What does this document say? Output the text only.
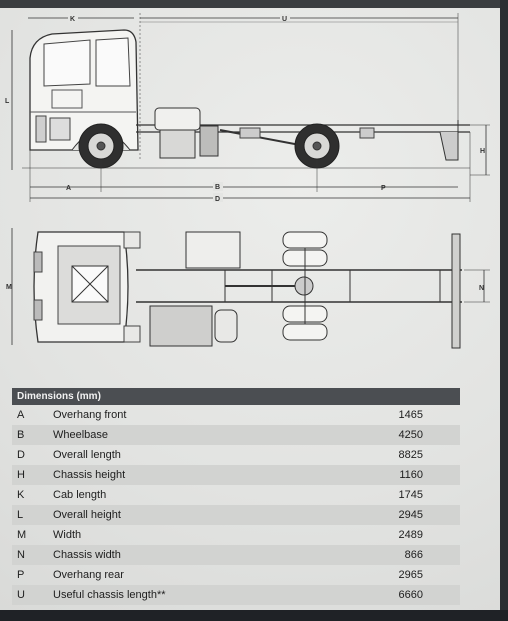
U
K
L
H
A	B	P
D
M	N
Dimensions (mm)
A	Overhang front	1465
B	Wheelbase	4250
D	Overall length	8825
H	Chassis height	1160
K	Cab length	1745
L	Overall height	2945
M	Width	2489
N	Chassis width	866
P	Overhang rear	2965
U	Useful chassis length**	6660
